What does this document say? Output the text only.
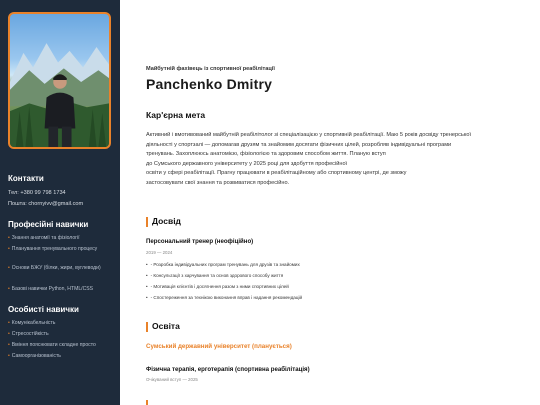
Контакти
Тел: +380 99 798 1734
Пошта: chornyivv@gmail.com
Професійні навички
• Знання анатомії та фізіології
• Планування тренувального процесу
• Основи БЖУ (білки, жири, вуглеводи)
• Базові навички Python, HTML/CSS
Особисті навички
• Комунікабельність
• Стресостійкість
• Вміння пояснювати складне просто
• Самоорганізованість
Майбутній фахівець із спортивної реабілітації
Panchenko Dmitry
Кар'єрна мета
Активний і вмотивований майбутній реабілітолог зі спеціалізацією у спортивній реабілітації. Маю 5 років досвіду тренерської
діяльності у спортзалі — допомагав друзям та знайомим досягати фізичних цілей, розробляв індивідуальні програми
тренувань. Захоплююсь анатомією, фізіологією та здоровим способом життя. Планую вступ
до Сумського державного університету у 2025 році для здобуття професійної
освіти у сфері реабілітації. Прагну працювати в реабілітаційному або спортивному центрі, де зможу
застосовувати свої знання та розвиватися професійно.
Досвід
Персональний тренер (неофіційно)
2019 — 2024
• - Розробка індивідуальних програм тренувань для друзів та знайомих
• - Консультації з харчування та основ здорового способу життя
• - Мотивація клієнтів і досягнення разом з ними спортивних цілей
• - Спостереження за технікою виконання вправ і надання рекомендацій
Освіта
Сумський державний університет (планується)
Фізична терапія, ерготерапія (спортивна реабілітація)
Очікуваний вступ — 2025
